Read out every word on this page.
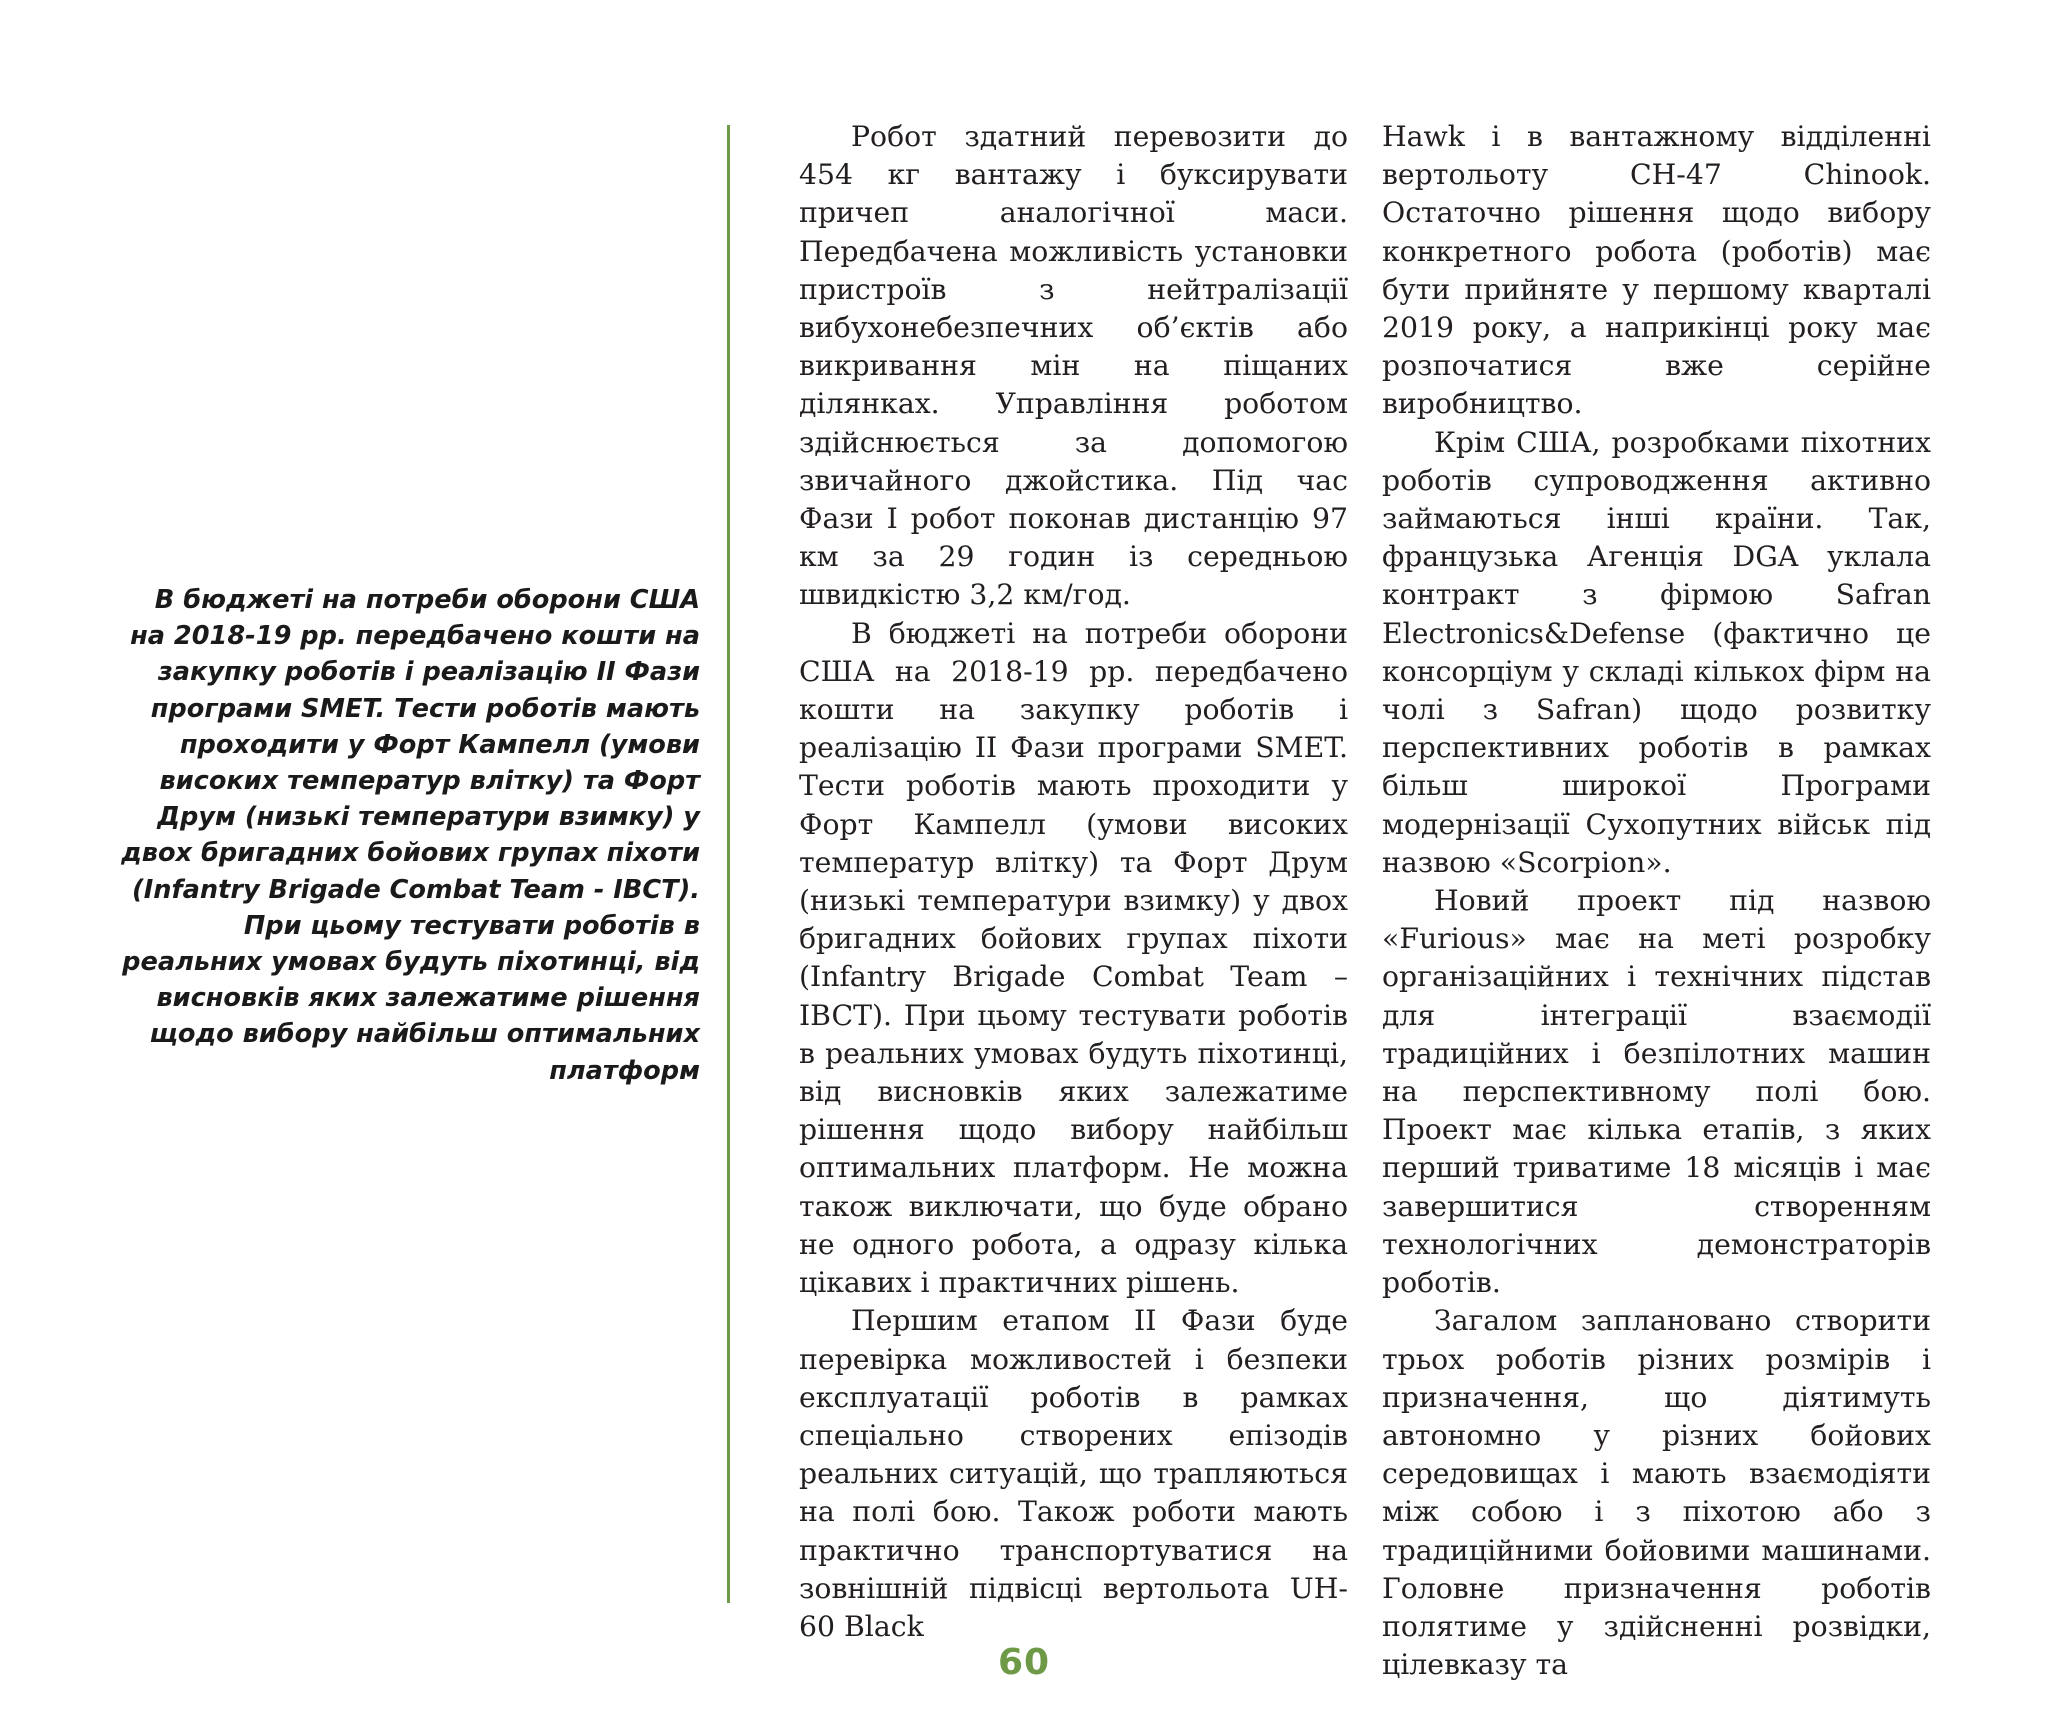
В бюджеті на потреби оборони США на 2018-19 рр. передбачено кошти на закупку роботів і реалізацію ІІ Фази програми SMET. Тести роботів мають проходити у Форт Кампелл (умови високих температур влітку) та Форт Друм (низькі температури взимку) у двох бригадних бойових групах піхоти (Infantry Brigade Combat Team - IBCT). При цьому тестувати роботів в реальних умовах будуть піхотинці, від висновків яких залежатиме рішення щодо вибору найбільш оптимальних платформ

Робот здатний перевозити до 454 кг вантажу і буксирувати причеп аналогічної маси. Передбачена можливість установки пристроїв з нейтралізації вибухонебезпечних об’єктів або викривання мін на піщаних ділянках. Управління роботом здійснюється за допомогою звичайного джойстика. Під час Фази І робот поконав дистанцію 97 км за 29 годин із середньою швидкістю 3,2 км/год.

В бюджеті на потреби оборони США на 2018-19 рр. передбачено кошти на закупку роботів і реалізацію ІІ Фази програми SMET. Тести роботів мають проходити у Форт Кампелл (умови високих температур влітку) та Форт Друм (низькі температури взимку) у двох бригадних бойових групах піхоти (Infantry Brigade Combat Team – IBCT). При цьому тестувати роботів в реальних умовах будуть піхотинці, від висновків яких залежатиме рішення щодо вибору найбільш оптимальних платформ. Не можна також виключати, що буде обрано не одного робота, а одразу кілька цікавих і практичних рішень.

Першим етапом ІІ Фази буде перевірка можливостей і безпеки експлуатації роботів в рамках спеціально створених епізодів реальних ситуацій, що трапляються на полі бою. Також роботи мають практично транспортуватися на зовнішній підвісці вертольота UH-60 Black

Hawk і в вантажному відділенні вертольоту CH-47 Chinook. Остаточно рішення щодо вибору конкретного робота (роботів) має бути прийняте у першому кварталі 2019 року, а наприкінці року має розпочатися вже серійне виробництво.

Крім США, розробками піхотних роботів супроводження активно займаються інші країни. Так, французька Агенція DGA уклала контракт з фірмою Safran Electronics&Defense (фактично це консорціум у складі кількох фірм на чолі з Safran) щодо розвитку перспективних роботів в рамках більш широкої Програми модернізації Сухопутних військ під назвою «Scorpion».

Новий проект під назвою «Furious» має на меті розробку організаційних і технічних підстав для інтеграції взаємодії традиційних і безпілотних машин на перспективному полі бою. Проект має кілька етапів, з яких перший триватиме 18 місяців і має завершитися створенням технологічних демонстраторів роботів.

Загалом заплановано створити трьох роботів різних розмірів і призначення, що діятимуть автономно у різних бойових середовищах і мають взаємодіяти між собою і з піхотою або з традиційними бойовими машинами. Головне призначення роботів полятиме у здійсненні розвідки, цілевказу та

60
